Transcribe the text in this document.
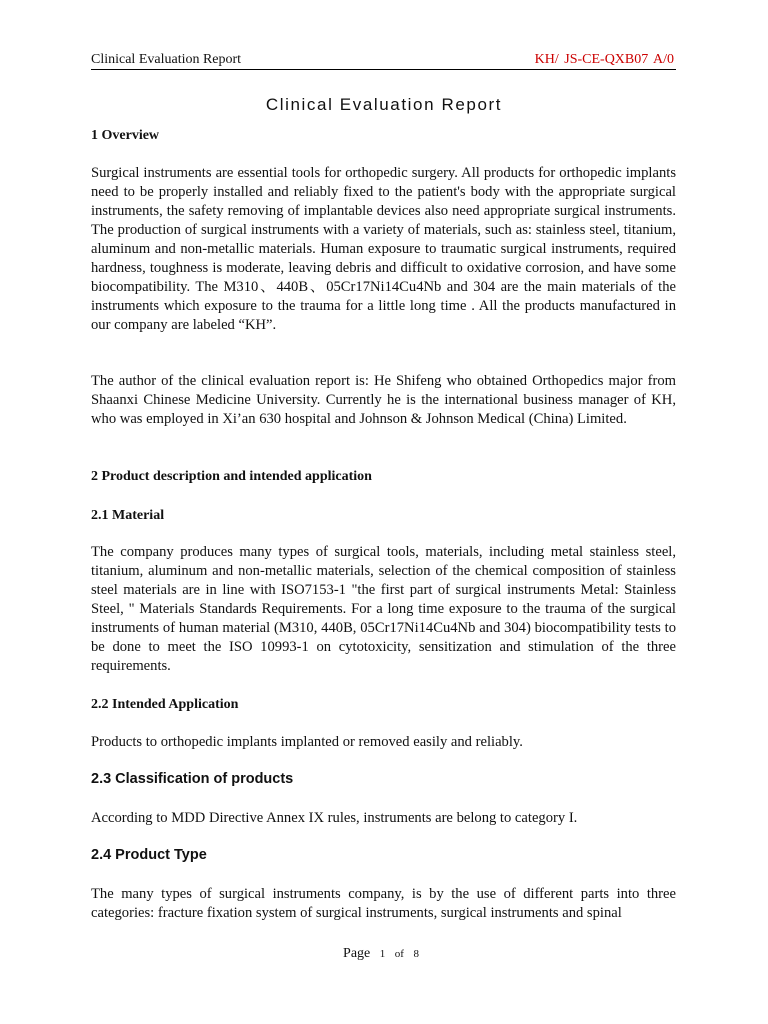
Clinical Evaluation Report	KH/ JS-CE-QXB07 A/0
Clinical Evaluation Report

1 Overview

Surgical instruments are essential tools for orthopedic surgery. All products for orthopedic implants need to be properly installed and reliably fixed to the patient's body with the appropriate surgical instruments, the safety removing of implantable devices also need appropriate surgical instruments. The production of surgical instruments with a variety of materials, such as: stainless steel, titanium, aluminum and non-metallic materials. Human exposure to traumatic surgical instruments, required hardness, toughness is moderate, leaving debris and difficult to oxidative corrosion, and have some biocompatibility. The M310、440B、05Cr17Ni14Cu4Nb and 304 are the main materials of the instruments which exposure to the trauma for a little long time . All the products manufactured in our company are labeled “KH”.

The author of the clinical evaluation report is: He Shifeng who obtained Orthopedics major from Shaanxi Chinese Medicine University. Currently he is the international business manager of KH, who was employed in Xi’an 630 hospital and Johnson & Johnson Medical (China) Limited.

2 Product description and intended application

2.1 Material

The company produces many types of surgical tools, materials, including metal stainless steel, titanium, aluminum and non-metallic materials, selection of the chemical composition of stainless steel materials are in line with ISO7153-1 "the first part of surgical instruments Metal: Stainless Steel, " Materials Standards Requirements. For a long time exposure to the trauma of the surgical instruments of human material (M310, 440B, 05Cr17Ni14Cu4Nb and 304) biocompatibility tests to be done to meet the ISO 10993-1 on cytotoxicity, sensitization and stimulation of the three requirements.

2.2 Intended Application

Products to orthopedic implants implanted or removed easily and reliably.

2.3 Classification of products

According to MDD Directive Annex IX rules, instruments are belong to category I.

2.4 Product Type

The many types of surgical instruments company, is by the use of different parts into three categories: fracture fixation system of surgical instruments, surgical instruments and spinal

Page 1 of 8
